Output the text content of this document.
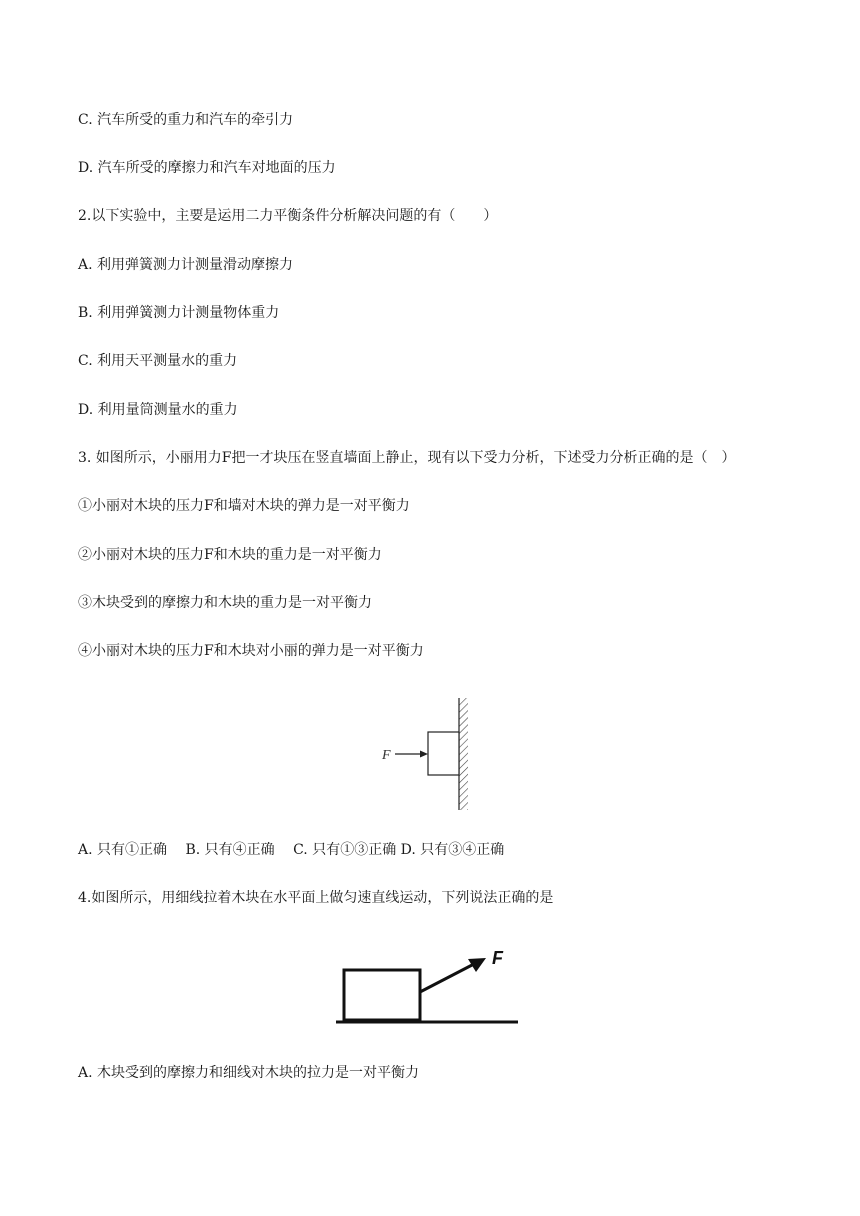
C. 汽车所受的重力和汽车的牵引力
D. 汽车所受的摩擦力和汽车对地面的压力
2.以下实验中，主要是运用二力平衡条件分析解决问题的有（　　）
A. 利用弹簧测力计测量滑动摩擦力
B. 利用弹簧测力计测量物体重力
C. 利用天平测量水的重力
D. 利用量筒测量水的重力
3. 如图所示，小丽用力F把一才块压在竖直墙面上静止，现有以下受力分析，下述受力分析正确的是（　）
①小丽对木块的压力F和墙对木块的弹力是一对平衡力
②小丽对木块的压力F和木块的重力是一对平衡力
③木块受到的摩擦力和木块的重力是一对平衡力
④小丽对木块的压力F和木块对小丽的弹力是一对平衡力
F
A. 只有①正确　 B. 只有④正确　 C. 只有①③正确 D. 只有③④正确
4.如图所示，用细线拉着木块在水平面上做匀速直线运动，下列说法正确的是
F
A. 木块受到的摩擦力和细线对木块的拉力是一对平衡力
